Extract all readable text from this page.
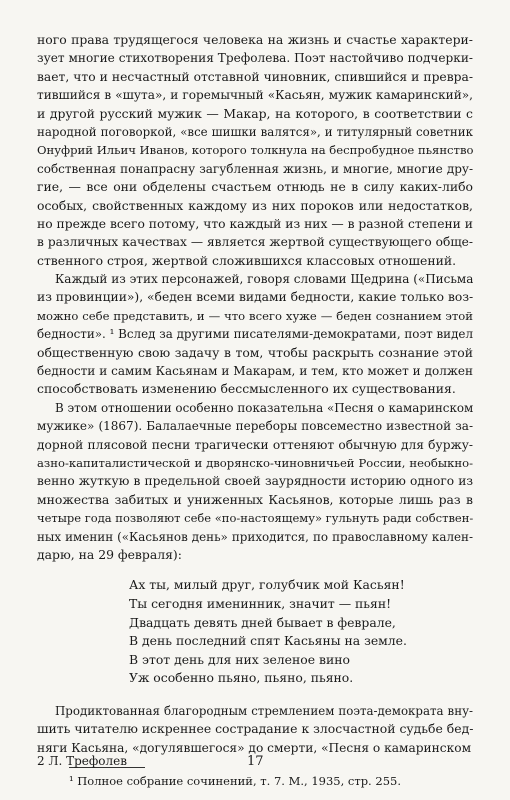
ного права трудящегося человека на жизнь и счастье характери-
зует многие стихотворения Трефолева. Поэт настойчиво подчерки-
вает, что и несчастный отставной чиновник, спившийся и превра-
тившийся в «шута», и горемычный «Касьян, мужик камаринский»,
и другой русский мужик — Макар, на которого, в соответствии с
народной поговоркой, «все шишки валятся», и титулярный советник
Онуфрий Ильич Иванов, которого толкнула на беспробудное пьянство
собственная понапрасну загубленная жизнь, и многие, многие дру-
гие, — все они обделены счастьем отнюдь не в силу каких-либо
особых, свойственных каждому из них пороков или недостатков,
но прежде всего потому, что каждый из них — в разной степени и
в различных качествах — является жертвой существующего обще-
ственного строя, жертвой сложившихся классовых отношений.
Каждый из этих персонажей, говоря словами Щедрина («Письма
из провинции»), «беден всеми видами бедности, какие только воз-
можно себе представить, и — что всего хуже — беден сознанием этой
бедности». ¹ Вслед за другими писателями-демократами, поэт видел
общественную свою задачу в том, чтобы раскрыть сознание этой
бедности и самим Касьянам и Макарам, и тем, кто может и должен
способствовать изменению бессмысленного их существования.
В этом отношении особенно показательна «Песня о камаринском
мужике» (1867). Балалаечные переборы повсеместно известной за-
дорной плясовой песни трагически оттеняют обычную для буржу-
азно-капиталистической и дворянско-чиновничьей России, необыкно-
венно жуткую в предельной своей заурядности историю одного из
множества забитых и униженных Касьянов, которые лишь раз в
четыре года позволяют себе «по-настоящему» гульнуть ради собствен-
ных именин («Касьянов день» приходится, по православному кален-
дарю, на 29 февраля):
Ах ты, милый друг, голубчик мой Касьян!
Ты сегодня именинник, значит — пьян!
Двадцать девять дней бывает в феврале,
В день последний спят Касьяны на земле.
В этот день для них зеленое вино
Уж особенно пьяно, пьяно, пьяно.
Продиктованная благородным стремлением поэта-демократа вну-
шить читателю искреннее сострадание к злосчастной судьбе бед-
няги Касьяна, «догулявшегося» до смерти, «Песня о камаринском
¹ Полное собрание сочинений, т. 7. М., 1935, стр. 255.
2 Л. Трефолев	17
